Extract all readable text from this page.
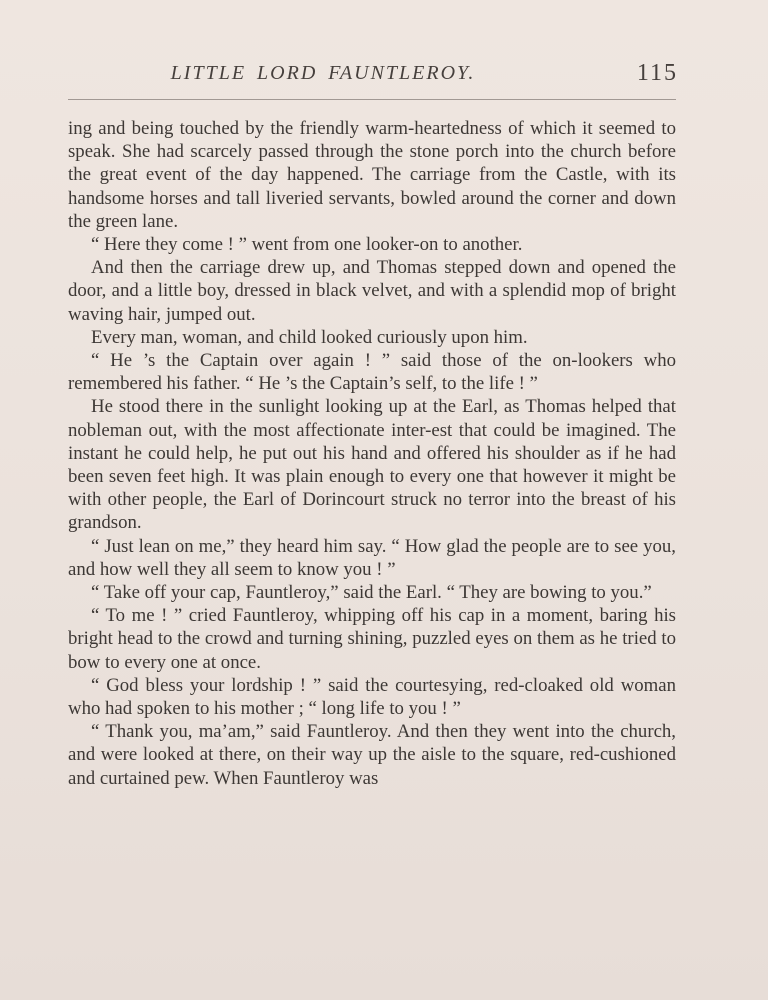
LITTLE LORD FAUNTLEROY.	115

ing and being touched by the friendly warm-heartedness of which it seemed to speak. She had scarcely passed through the stone porch into the church before the great event of the day happened. The carriage from the Castle, with its handsome horses and tall liveried servants, bowled around the corner and down the green lane.

“ Here they come ! ” went from one looker-on to another.

And then the carriage drew up, and Thomas stepped down and opened the door, and a little boy, dressed in black velvet, and with a splendid mop of bright waving hair, jumped out.

Every man, woman, and child looked curiously upon him.

“ He ’s the Captain over again ! ” said those of the on-lookers who remembered his father. “ He ’s the Captain’s self, to the life ! ”

He stood there in the sunlight looking up at the Earl, as Thomas helped that nobleman out, with the most affectionate inter-est that could be imagined. The instant he could help, he put out his hand and offered his shoulder as if he had been seven feet high. It was plain enough to every one that however it might be with other people, the Earl of Dorincourt struck no terror into the breast of his grandson.

“ Just lean on me,” they heard him say. “ How glad the people are to see you, and how well they all seem to know you ! ”

“ Take off your cap, Fauntleroy,” said the Earl. “ They are bowing to you.”

“ To me ! ” cried Fauntleroy, whipping off his cap in a moment, baring his bright head to the crowd and turning shining, puzzled eyes on them as he tried to bow to every one at once.

“ God bless your lordship ! ” said the courtesying, red-cloaked old woman who had spoken to his mother ; “ long life to you ! ”

“ Thank you, ma’am,” said Fauntleroy. And then they went into the church, and were looked at there, on their way up the aisle to the square, red-cushioned and curtained pew. When Fauntleroy was
